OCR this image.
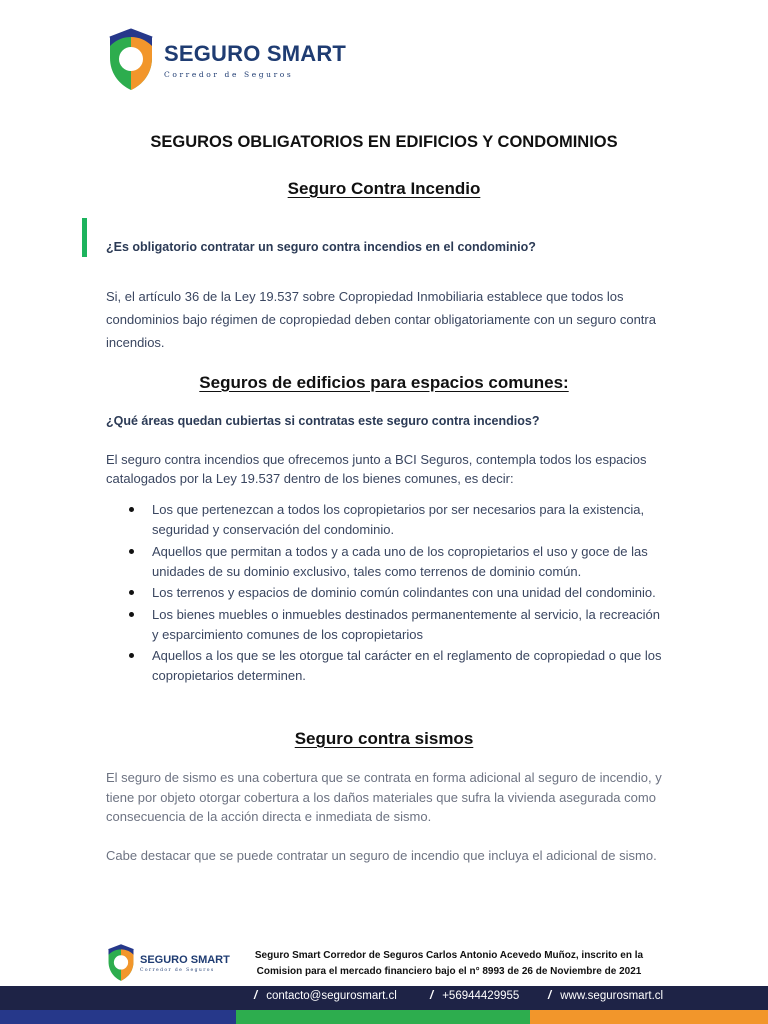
SEGURO SMART
Corredor de Seguros
SEGUROS OBLIGATORIOS EN EDIFICIOS Y CONDOMINIOS
Seguro Contra Incendio
¿Es obligatorio contratar un seguro contra incendios en el condominio?

Si, el artículo 36 de la Ley 19.537 sobre Copropiedad Inmobiliaria establece que todos los condominios bajo régimen de copropiedad deben contar obligatoriamente con un seguro contra incendios.

Seguros de edificios para espacios comunes:
¿Qué áreas quedan cubiertas si contratas este seguro contra incendios?

El seguro contra incendios que ofrecemos junto a BCI Seguros, contempla todos los espacios catalogados por la Ley 19.537 dentro de los bienes comunes, es decir:

Los que pertenezcan a todos los copropietarios por ser necesarios para la existencia, seguridad y conservación del condominio.
Aquellos que permitan a todos y a cada uno de los copropietarios el uso y goce de las unidades de su dominio exclusivo, tales como terrenos de dominio común.
Los terrenos y espacios de dominio común colindantes con una unidad del condominio.
Los bienes muebles o inmuebles destinados permanentemente al servicio, la recreación y esparcimiento comunes de los copropietarios
Aquellos a los que se les otorgue tal carácter en el reglamento de copropiedad o que los copropietarios determinen.
Seguro contra sismos

El seguro de sismo es una cobertura que se contrata en forma adicional al seguro de incendio, y tiene por objeto otorgar cobertura a los daños materiales que sufra la vivienda asegurada como consecuencia de la acción directa e inmediata de sismo.

Cabe destacar que se puede contratar un seguro de incendio que incluya el adicional de sismo.

SEGURO SMART
Corredor de Seguros
Seguro Smart Corredor de Seguros Carlos Antonio Acevedo Muñoz, inscrito en la
Comision para el mercado financiero bajo el n° 8993 de 26 de Noviembre de 2021
/ contacto@segurosmart.cl	/ +56944429955 / www.segurosmart.cl
